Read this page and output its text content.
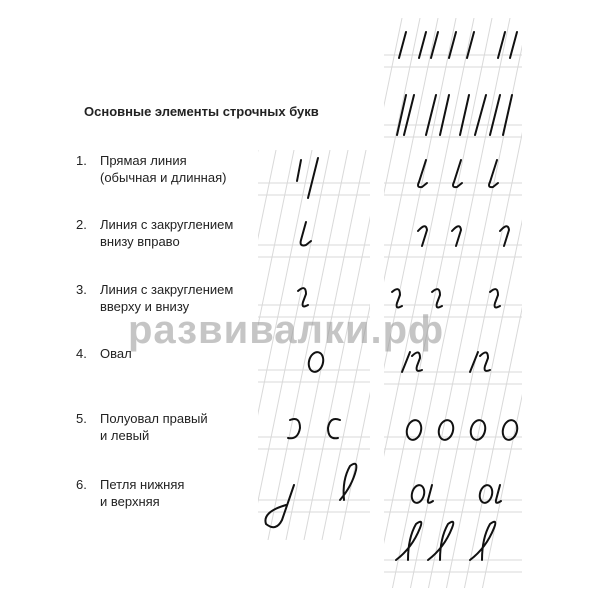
Основные элементы строчных букв
1. Прямая линия
(обычная и длинная)
2. Линия с закруглением
внизу вправо
3. Линия с закруглением
вверху и внизу
4. Овал
5. Полуовал правый
и левый
6. Петля нижняя
и верхняя
развивалки.рф
